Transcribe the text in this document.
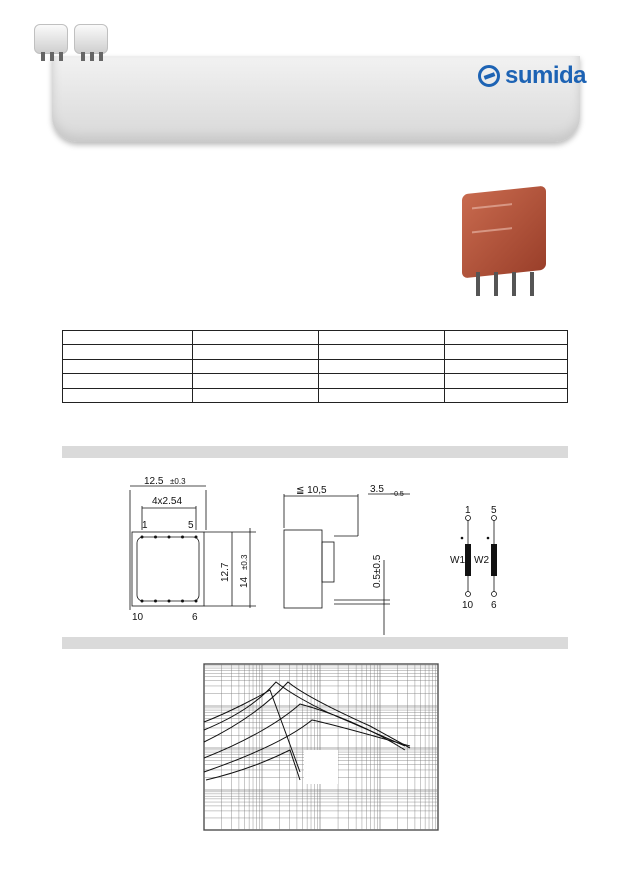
sumida

12.5 ±0.3
4x2.54
1	5
10	6
12.7
14
±0.3
≦ 10,5	3.5 −0.5
0.5±0.5
1 5
W1 W2
10 6
